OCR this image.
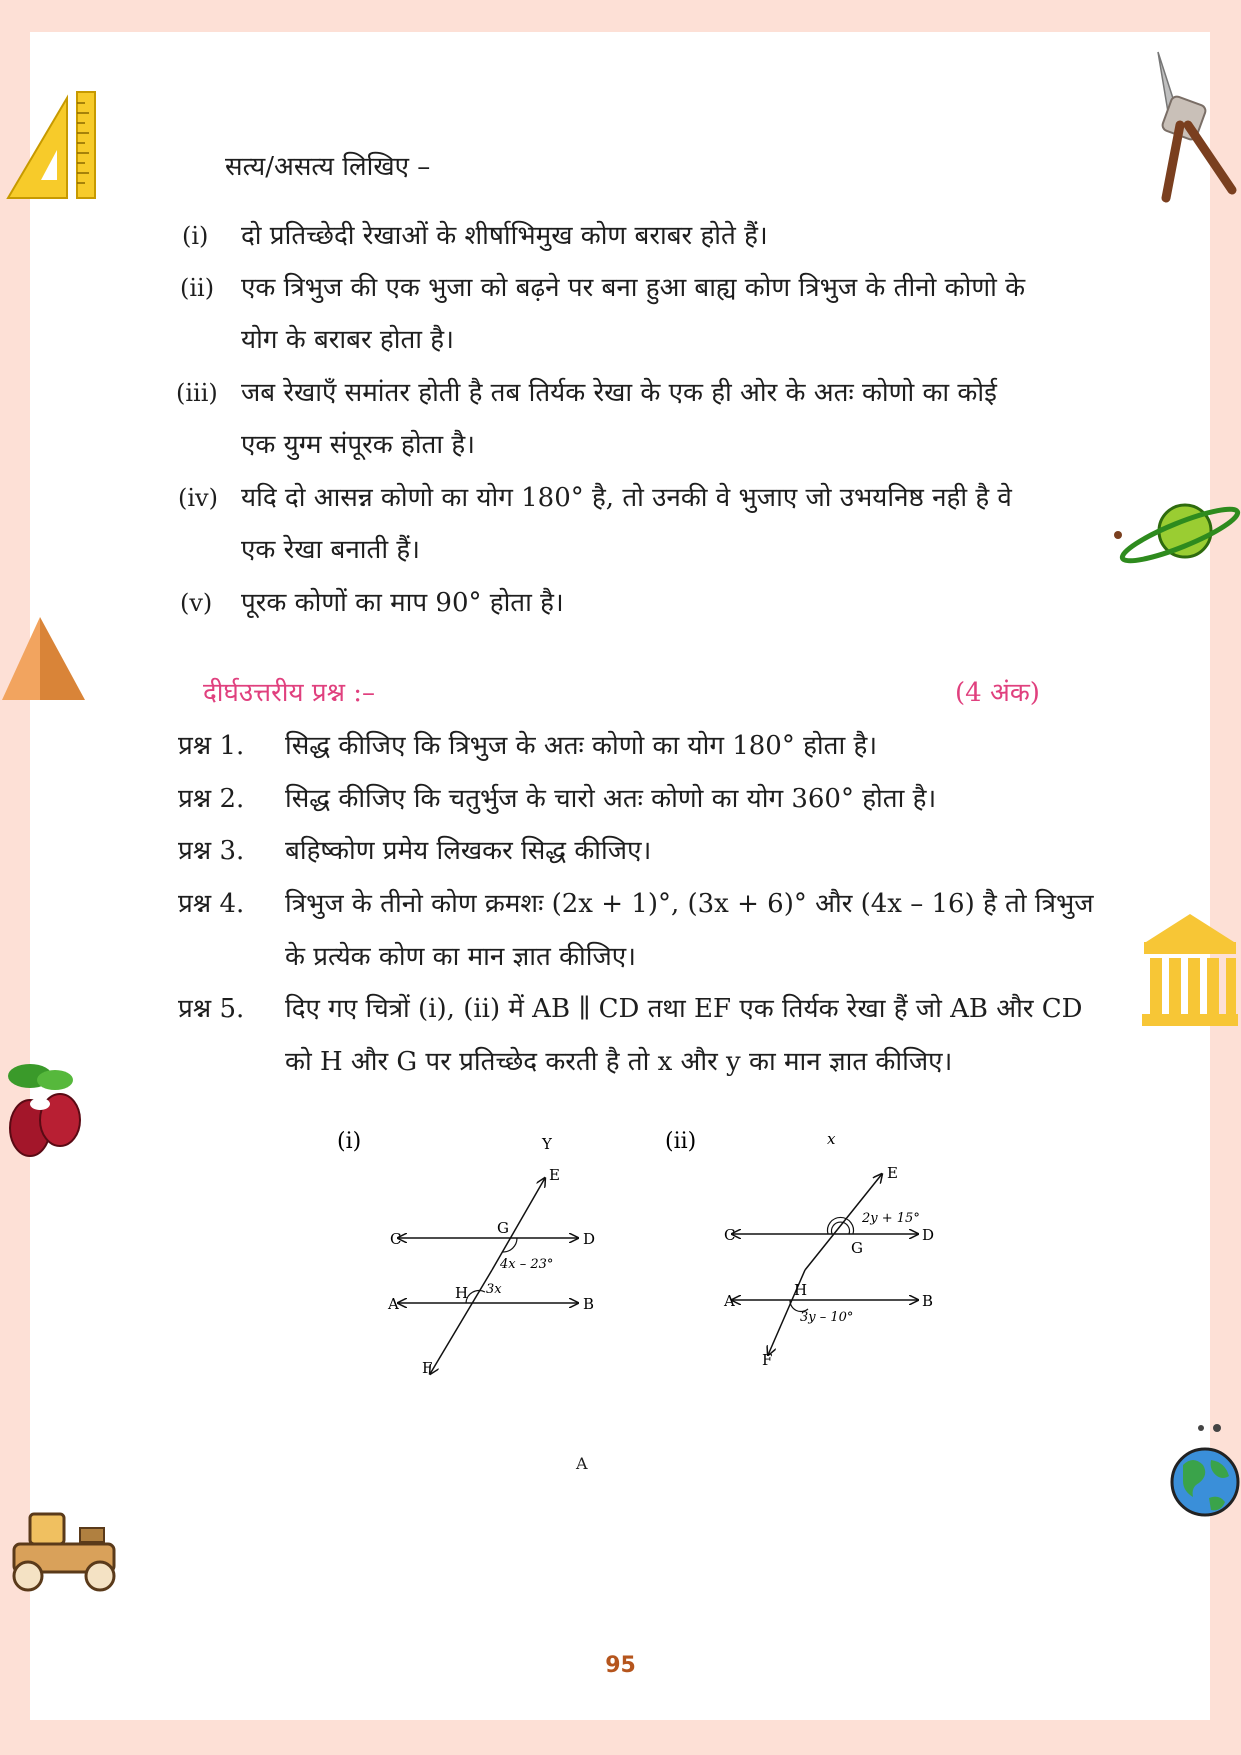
सत्य/असत्य लिखिए –
(i) दो प्रतिच्छेदी रेखाओं के शीर्षाभिमुख कोण बराबर होते हैं।
(ii) एक त्रिभुज की एक भुजा को बढ़ने पर बना हुआ बाह्य कोण त्रिभुज के तीनो कोणो के
योग के बराबर होता है।
(iii) जब रेखाएँ समांतर होती है तब तिर्यक रेखा के एक ही ओर के अतः कोणो का कोई
एक युग्म संपूरक होता है।
(iv) यदि दो आसन्न कोणो का योग 180° है, तो उनकी वे भुजाए जो उभयनिष्ठ नही है वे
एक रेखा बनाती हैं।
(v) पूरक कोणों का माप 90° होता है।
दीर्घउत्तरीय प्रश्न :–	(4 अंक)
प्रश्न 1. सिद्ध कीजिए कि त्रिभुज के अतः कोणो का योग 180° होता है।
प्रश्न 2. सिद्ध कीजिए कि चतुर्भुज के चारो अतः कोणो का योग 360° होता है।
प्रश्न 3. बहिष्कोण प्रमेय लिखकर सिद्ध कीजिए।
प्रश्न 4. त्रिभुज के तीनो कोण क्रमशः (2x + 1)°, (3x + 6)° और (4x – 16) है तो त्रिभुज
के प्रत्येक कोण का मान ज्ञात कीजिए।
प्रश्न 5. दिए गए चित्रों (i), (ii) में AB ∥ CD तथा EF एक तिर्यक रेखा हैं जो AB और CD
को H और G पर प्रतिच्छेद करती है तो x और y का मान ज्ञात कीजिए।
(i)	Y
E
C
G
D
4x – 23°
A
H 3x
B
F
(ii)	x
E
2y + 15°
C
G
D
A
H
B
3y – 10°
F
A
95
